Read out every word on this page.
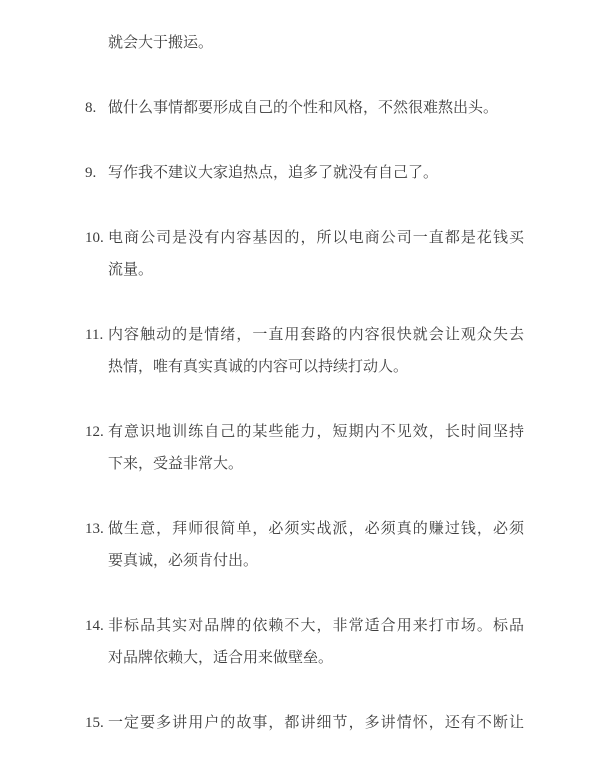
就会大于搬运。
8. 做什么事情都要形成自己的个性和风格，不然很难熬出头。
9. 写作我不建议大家追热点，追多了就没有自己了。
10. 电商公司是没有内容基因的，所以电商公司一直都是花钱买
流量。
11. 内容触动的是情绪，一直用套路的内容很快就会让观众失去
热情，唯有真实真诚的内容可以持续打动人。
12. 有意识地训练自己的某些能力，短期内不见效，长时间坚持
下来，受益非常大。
13. 做生意，拜师很简单，必须实战派，必须真的赚过钱，必须
要真诚，必须肯付出。
14. 非标品其实对品牌的依赖不大，非常适合用来打市场。标品
对品牌依赖大，适合用来做壁垒。
15. 一定要多讲用户的故事，都讲细节，多讲情怀，还有不断让
